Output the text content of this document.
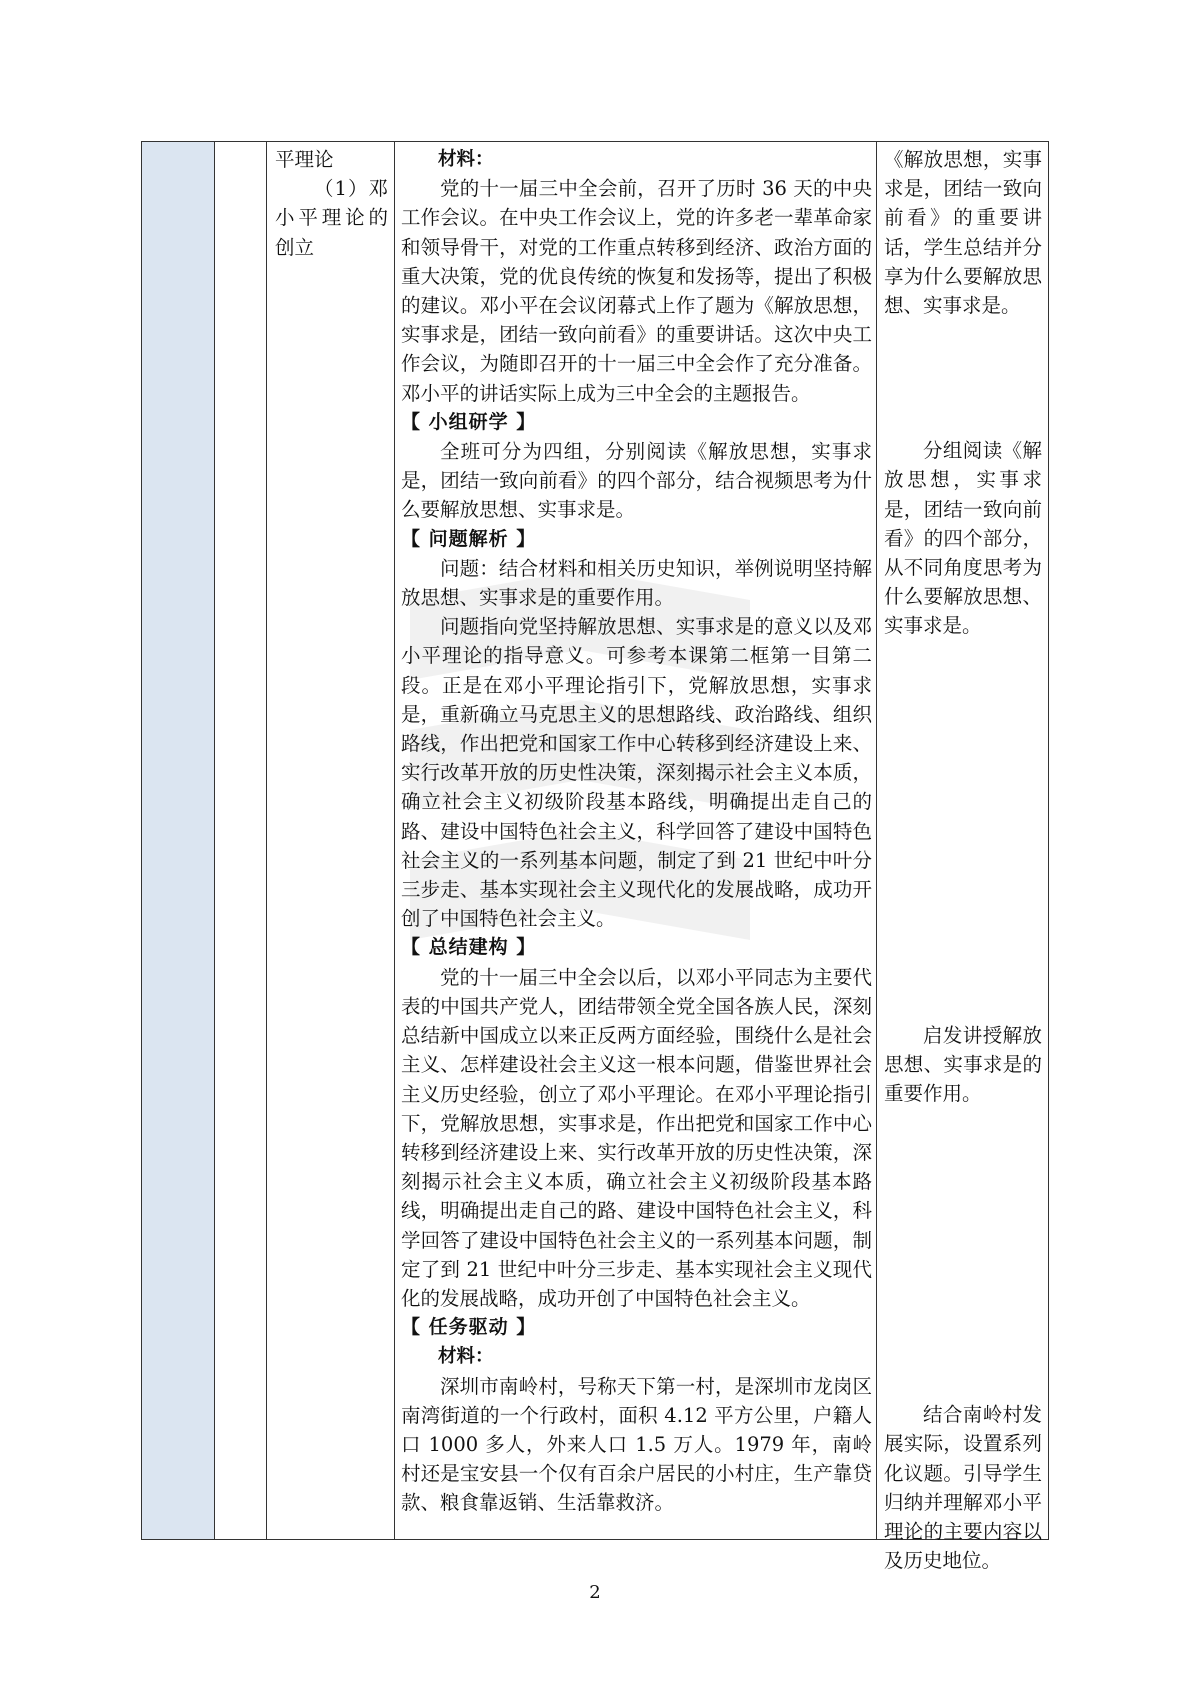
平理论

（1）邓小平理论的创立

材料：

党的十一届三中全会前，召开了历时 36 天的中央工作会议。在中央工作会议上，党的许多老一辈革命家和领导骨干，对党的工作重点转移到经济、政治方面的重大决策，党的优良传统的恢复和发扬等，提出了积极的建议。邓小平在会议闭幕式上作了题为《解放思想，实事求是，团结一致向前看》的重要讲话。这次中央工作会议，为随即召开的十一届三中全会作了充分准备。邓小平的讲话实际上成为三中全会的主题报告。

【 小组研学 】

全班可分为四组，分别阅读《解放思想，实事求是，团结一致向前看》的四个部分，结合视频思考为什么要解放思想、实事求是。

【 问题解析 】

问题：结合材料和相关历史知识，举例说明坚持解放思想、实事求是的重要作用。

问题指向党坚持解放思想、实事求是的意义以及邓小平理论的指导意义。可参考本课第二框第一目第二段。正是在邓小平理论指引下，党解放思想，实事求是，重新确立马克思主义的思想路线、政治路线、组织路线，作出把党和国家工作中心转移到经济建设上来、实行改革开放的历史性决策，深刻揭示社会主义本质，确立社会主义初级阶段基本路线，明确提出走自己的路、建设中国特色社会主义，科学回答了建设中国特色社会主义的一系列基本问题，制定了到 21 世纪中叶分三步走、基本实现社会主义现代化的发展战略，成功开创了中国特色社会主义。

【 总结建构 】

党的十一届三中全会以后，以邓小平同志为主要代表的中国共产党人，团结带领全党全国各族人民，深刻总结新中国成立以来正反两方面经验，围绕什么是社会主义、怎样建设社会主义这一根本问题，借鉴世界社会主义历史经验，创立了邓小平理论。在邓小平理论指引下，党解放思想，实事求是，作出把党和国家工作中心转移到经济建设上来、实行改革开放的历史性决策，深刻揭示社会主义本质，确立社会主义初级阶段基本路线，明确提出走自己的路、建设中国特色社会主义，科学回答了建设中国特色社会主义的一系列基本问题，制定了到 21 世纪中叶分三步走、基本实现社会主义现代化的发展战略，成功开创了中国特色社会主义。

【 任务驱动 】

材料：

深圳市南岭村，号称天下第一村，是深圳市龙岗区南湾街道的一个行政村，面积 4.12 平方公里，户籍人口 1000 多人，外来人口 1.5 万人。1979 年，南岭村还是宝安县一个仅有百余户居民的小村庄，生产靠贷款、粮食靠返销、生活靠救济。

《解放思想，实事求是，团结一致向前看》的重要讲话，学生总结并分享为什么要解放思想、实事求是。

分组阅读《解放思想，实事求是，团结一致向前看》的四个部分，从不同角度思考为什么要解放思想、实事求是。

启发讲授解放思想、实事求是的重要作用。

结合南岭村发展实际，设置系列化议题。引导学生归纳并理解邓小平理论的主要内容以及历史地位。

2
